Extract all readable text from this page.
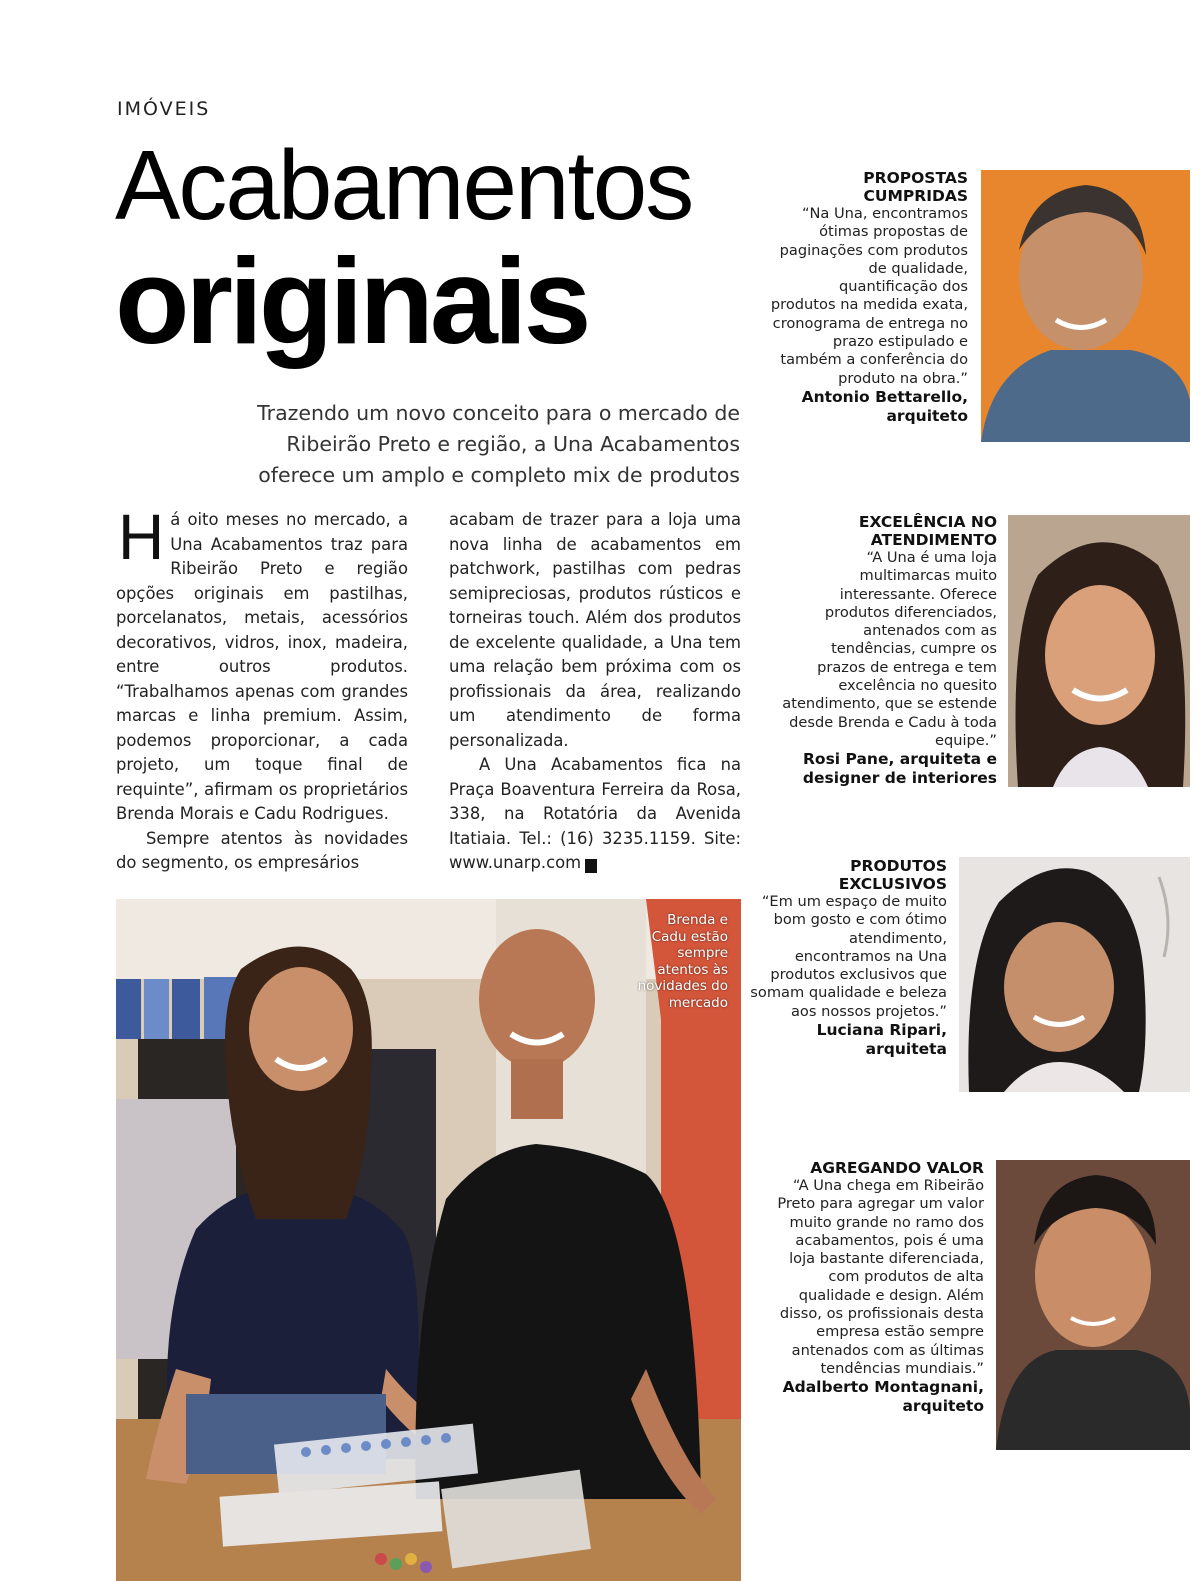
IMÓVEIS
Acabamentos
originais
Trazendo um novo conceito para o mercado de Ribeirão Preto e região, a Una Acabamentos oferece um amplo e completo mix de produtos

Há oito meses no mercado, a Una Acabamentos traz para Ribeirão Preto e região opções originais em pastilhas, porcelanatos, metais, acessórios decorativos, vidros, inox, madeira, entre outros produtos. “Trabalhamos apenas com grandes marcas e linha premium. Assim, podemos proporcionar, a cada projeto, um toque final de requinte”, afirmam os proprietários Brenda Morais e Cadu Rodrigues.

Sempre atentos às novidades do segmento, os empresários

acabam de trazer para a loja uma nova linha de acabamentos em patchwork, pastilhas com pedras semipreciosas, produtos rústicos e torneiras touch. Além dos produtos de excelente qualidade, a Una tem uma relação bem próxima com os profissionais da área, realizando um atendimento de forma personalizada.

A Una Acabamentos fica na Praça Boaventura Ferreira da Rosa, 338, na Rotatória da Avenida Itatiaia. Tel.: (16) 3235.1159. Site: www.unarp.com	r

Brenda e Cadu estão sempre atentos às novidades do mercado

PROPOSTAS CUMPRIDAS

“Na Una, encontramos ótimas propostas de paginações com produtos de qualidade, quantificação dos produtos na medida exata, cronograma de entrega no prazo estipulado e também a conferência do produto na obra.”

Antonio Bettarello, arquiteto

EXCELÊNCIA NO ATENDIMENTO

“A Una é uma loja multimarcas muito interessante. Oferece produtos diferenciados, antenados com as tendências, cumpre os prazos de entrega e tem excelência no quesito atendimento, que se estende desde Brenda e Cadu à toda equipe.”

Rosi Pane, arquiteta e designer de interiores

PRODUTOS EXCLUSIVOS

“Em um espaço de muito bom gosto e com ótimo atendimento, encontramos na Una produtos exclusivos que somam qualidade e beleza aos nossos projetos.”

Luciana Ripari, arquiteta

AGREGANDO VALOR

“A Una chega em Ribeirão Preto para agregar um valor muito grande no ramo dos acabamentos, pois é uma loja bastante diferenciada, com produtos de alta qualidade e design. Além disso, os profissionais desta empresa estão sempre antenados com as últimas tendências mundiais.”

Adalberto Montagnani, arquiteto
